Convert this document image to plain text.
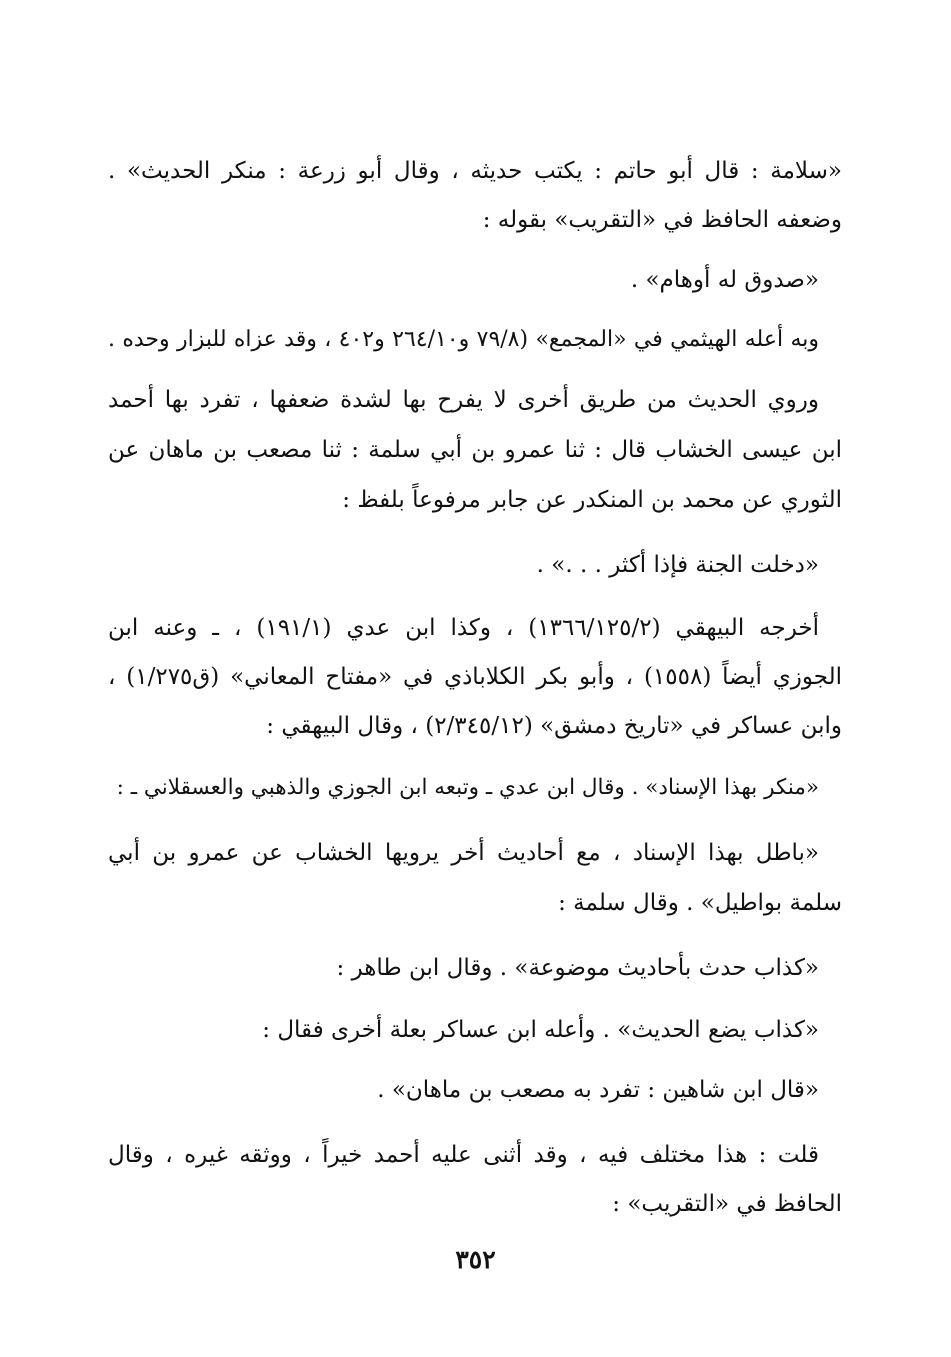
«سلامة : قال أبو حاتم : يكتب حديثه ، وقال أبو زرعة : منكر الحديث» .
وضعفه الحافظ في «التقريب» بقوله :
«صدوق له أوهام» .
وبه أعله الهيثمي في «المجمع» (٧٩/٨ و٢٦٤/١٠ و٤٠٢ ، وقد عزاه للبزار وحده .
وروي الحديث من طريق أخرى لا يفرح بها لشدة ضعفها ، تفرد بها أحمد
ابن عيسى الخشاب قال : ثنا عمرو بن أبي سلمة : ثنا مصعب بن ماهان عن
الثوري عن محمد بن المنكدر عن جابر مرفوعاً بلفظ :
«دخلت الجنة فإذا أكثر . . .» .
أخرجه البيهقي (١٣٦٦/١٢٥/٢) ، وكذا ابن عدي (١٩١/١) ، ـ وعنه ابن
الجوزي أيضاً (١٥٥٨) ، وأبو بكر الكلاباذي في «مفتاح المعاني» (ق١/٢٧٥) ،
وابن عساكر في «تاريخ دمشق» (٢/٣٤٥/١٢) ، وقال البيهقي :
«منكر بهذا الإسناد» . وقال ابن عدي ـ وتبعه ابن الجوزي والذهبي والعسقلاني ـ :
«باطل بهذا الإسناد ، مع أحاديث أخر يرويها الخشاب عن عمرو بن أبي
سلمة بواطيل» . وقال سلمة :
«كذاب حدث بأحاديث موضوعة» . وقال ابن طاهر :
«كذاب يضع الحديث» . وأعله ابن عساكر بعلة أخرى فقال :
«قال ابن شاهين : تفرد به مصعب بن ماهان» .
قلت : هذا مختلف فيه ، وقد أثنى عليه أحمد خيراً ، ووثقه غيره ، وقال
الحافظ في «التقريب» :
٣٥٢
